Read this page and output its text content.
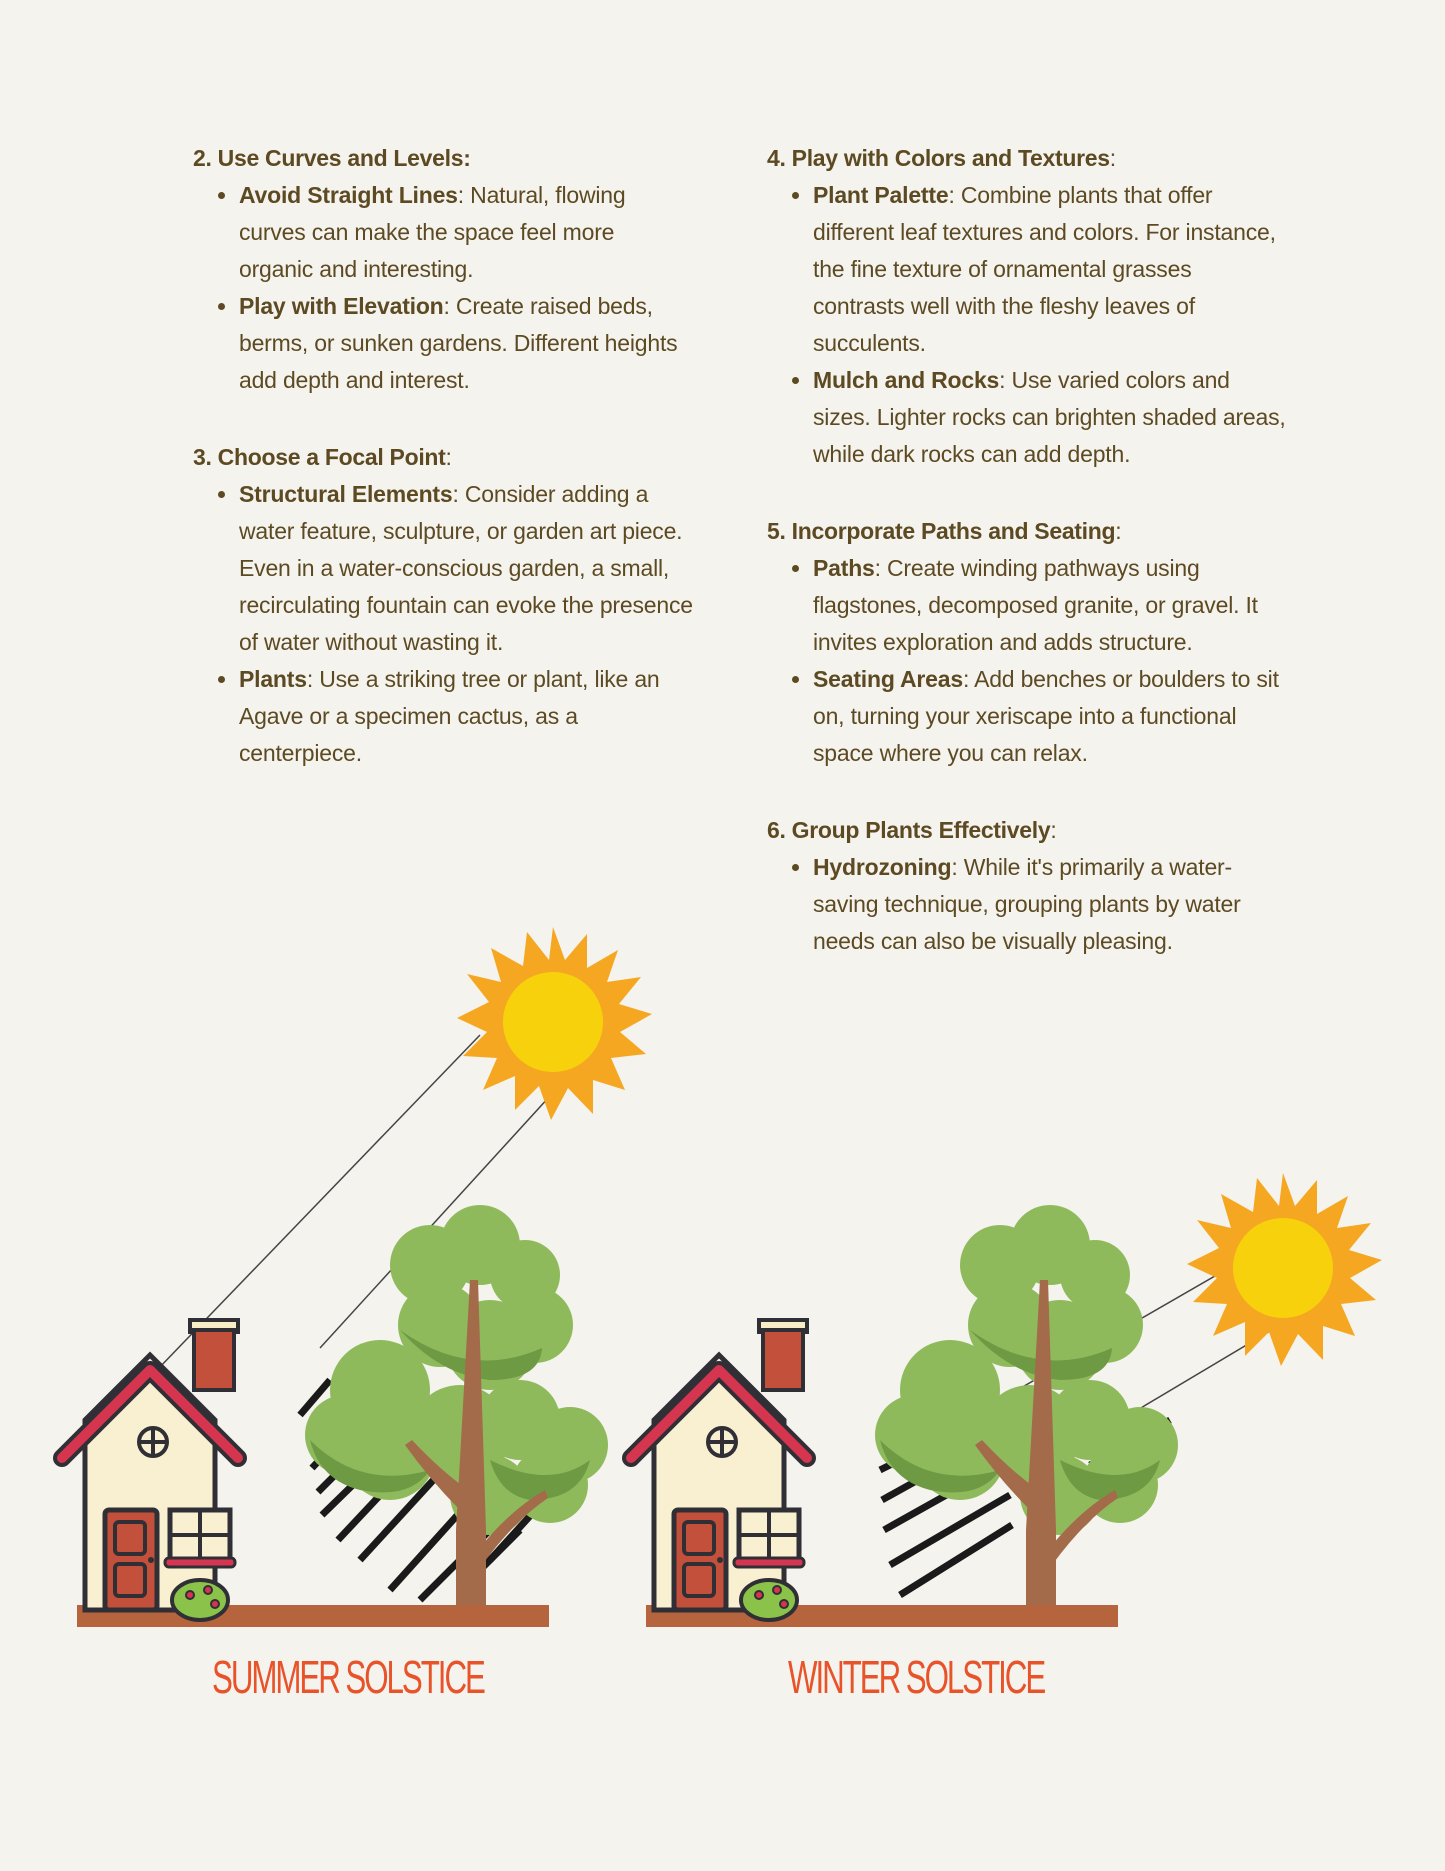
2. Use Curves and Levels:

• Avoid Straight Lines: Natural, flowing curves can make the space feel more organic and interesting.
• Play with Elevation: Create raised beds, berms, or sunken gardens. Different heights add depth and interest.

3. Choose a Focal Point:

• Structural Elements: Consider adding a water feature, sculpture, or garden art piece. Even in a water-conscious garden, a small, recirculating fountain can evoke the presence of water without wasting it.
• Plants: Use a striking tree or plant, like an Agave or a specimen cactus, as a centerpiece.

4. Play with Colors and Textures:

• Plant Palette: Combine plants that offer different leaf textures and colors. For instance, the fine texture of ornamental grasses contrasts well with the fleshy leaves of succulents.
• Mulch and Rocks: Use varied colors and sizes. Lighter rocks can brighten shaded areas, while dark rocks can add depth.

5. Incorporate Paths and Seating:

• Paths: Create winding pathways using flagstones, decomposed granite, or gravel. It invites exploration and adds structure.
• Seating Areas: Add benches or boulders to sit on, turning your xeriscape into a functional space where you can relax.

6. Group Plants Effectively:

• Hydrozoning: While it's primarily a water-saving technique, grouping plants by water needs can also be visually pleasing.
SUMMER SOLSTICE	WINTER SOLSTICE
